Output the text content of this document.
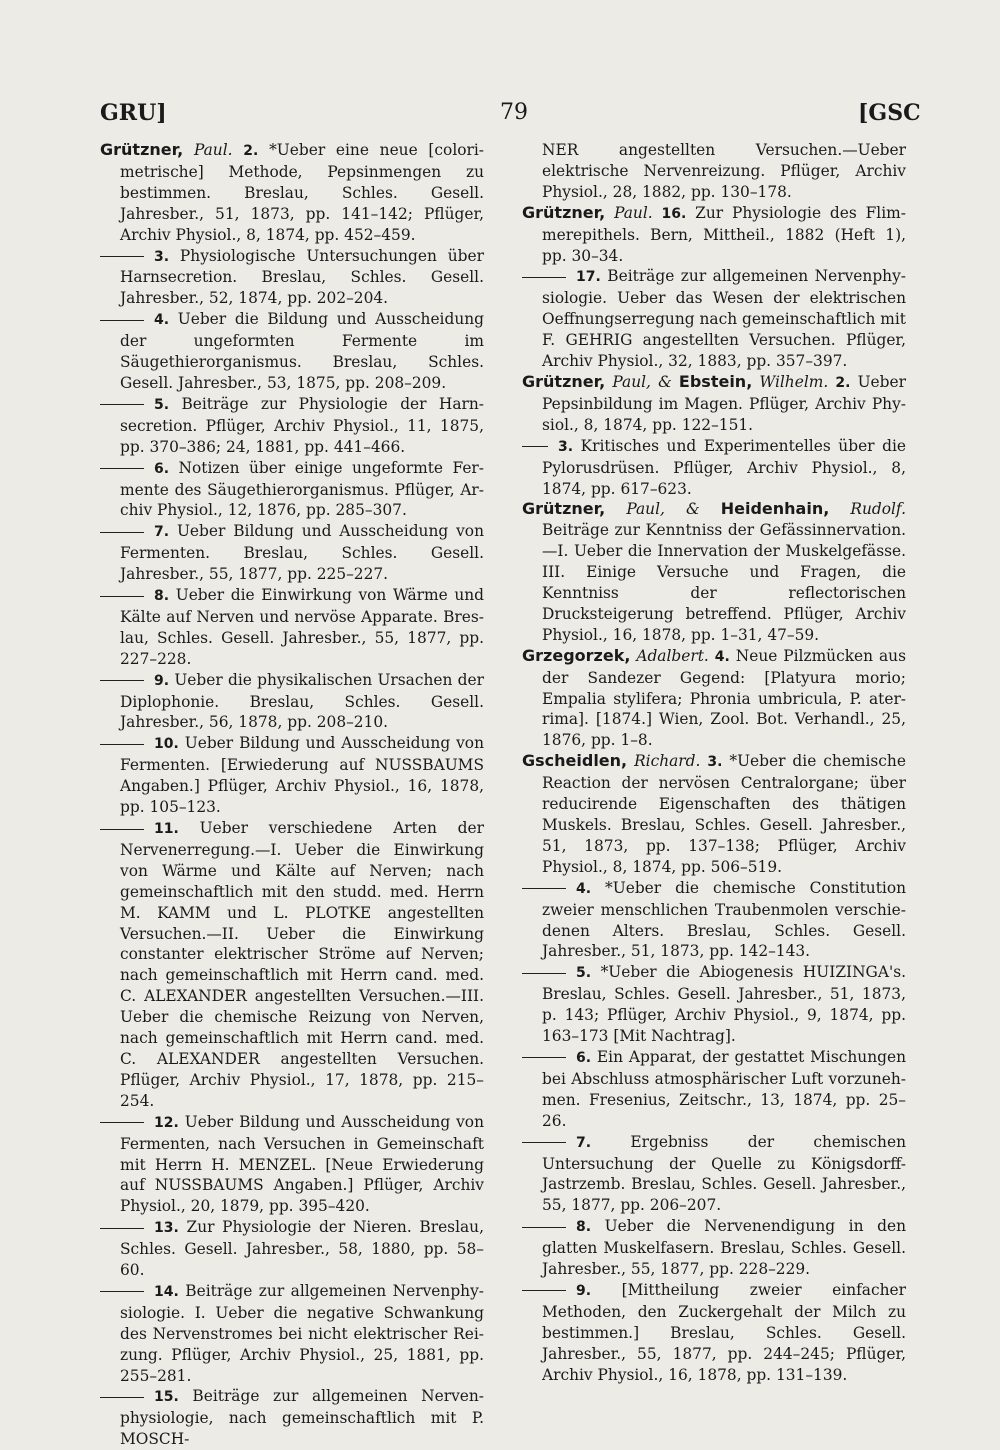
GRU]	79	[GSC
Grützner, Paul. 2. *Ueber eine neue [colorimetrische] Methode, Pepsinmengen zu bestimmen. Breslau, Schles. Gesell. Jahresber., 51, 1873, pp. 141–142; Pflüger, Archiv Physiol., 8, 1874, pp. 452–459.
3. Physiologische Untersuchungen über Harnsecretion. Breslau, Schles. Gesell. Jahresber., 52, 1874, pp. 202–204.
4. Ueber die Bildung und Ausscheidung der ungeformten Fermente im Säugethierorganismus. Breslau, Schles. Gesell. Jahresber., 53, 1875, pp. 208–209.
5. Beiträge zur Physiologie der Harnsecretion. Pflüger, Archiv Physiol., 11, 1875, pp. 370–386; 24, 1881, pp. 441–466.
6. Notizen über einige ungeformte Fermente des Säugethierorganismus. Pflüger, Archiv Physiol., 12, 1876, pp. 285–307.
7. Ueber Bildung und Ausscheidung von Fermenten. Breslau, Schles. Gesell. Jahresber., 55, 1877, pp. 225–227.
8. Ueber die Einwirkung von Wärme und Kälte auf Nerven und nervöse Apparate. Breslau, Schles. Gesell. Jahresber., 55, 1877, pp. 227–228.
9. Ueber die physikalischen Ursachen der Diplophonie. Breslau, Schles. Gesell. Jahresber., 56, 1878, pp. 208–210.
10. Ueber Bildung und Ausscheidung von Fermenten. [Erwiederung auf NUSSBAUMS Angaben.] Pflüger, Archiv Physiol., 16, 1878, pp. 105–123.
11. Ueber verschiedene Arten der Nervenerregung.—I. Ueber die Einwirkung von Wärme und Kälte auf Nerven; nach gemeinschaftlich mit den studd. med. Herrn M. KAMM und L. PLOTKE angestellten Versuchen.—II. Ueber die Einwirkung constanter elektrischer Ströme auf Nerven; nach gemeinschaftlich mit Herrn cand. med. C. ALEXANDER angestellten Versuchen.—III. Ueber die chemische Reizung von Nerven, nach gemeinschaftlich mit Herrn cand. med. C. ALEXANDER angestellten Versuchen. Pflüger, Archiv Physiol., 17, 1878, pp. 215–254.
12. Ueber Bildung und Ausscheidung von Fermenten, nach Versuchen in Gemeinschaft mit Herrn H. MENZEL. [Neue Erwiederung auf NUSSBAUMS Angaben.] Pflüger, Archiv Physiol., 20, 1879, pp. 395–420.
13. Zur Physiologie der Nieren. Breslau, Schles. Gesell. Jahresber., 58, 1880, pp. 58–60.
14. Beiträge zur allgemeinen Nervenphysiologie. I. Ueber die negative Schwankung des Nervenstromes bei nicht elektrischer Reizung. Pflüger, Archiv Physiol., 25, 1881, pp. 255–281.
15. Beiträge zur allgemeinen Nervenphysiologie, nach gemeinschaftlich mit P. MOSCH-
NER angestellten Versuchen.—Ueber elektrische Nervenreizung. Pflüger, Archiv Physiol., 28, 1882, pp. 130–178.
Grützner, Paul. 16. Zur Physiologie des Flimmerepithels. Bern, Mittheil., 1882 (Heft 1), pp. 30–34.
17. Beiträge zur allgemeinen Nervenphysiologie. Ueber das Wesen der elektrischen Oeffnungserregung nach gemeinschaftlich mit F. GEHRIG angestellten Versuchen. Pflüger, Archiv Physiol., 32, 1883, pp. 357–397.
Grützner, Paul, & Ebstein, Wilhelm. 2. Ueber Pepsinbildung im Magen. Pflüger, Archiv Physiol., 8, 1874, pp. 122–151.
3. Kritisches und Experimentelles über die Pylorusdrüsen. Pflüger, Archiv Physiol., 8, 1874, pp. 617–623.
Grützner, Paul, & Heidenhain, Rudolf. Beiträge zur Kenntniss der Gefässinnervation. —I. Ueber die Innervation der Muskelgefässe. III. Einige Versuche und Fragen, die Kenntniss der reflectorischen Drucksteigerung betreffend. Pflüger, Archiv Physiol., 16, 1878, pp. 1–31, 47–59.
Grzegorzek, Adalbert. 4. Neue Pilzmücken aus der Sandezer Gegend: [Platyura morio; Empalia stylifera; Phronia umbricula, P. aterrima]. [1874.] Wien, Zool. Bot. Verhandl., 25, 1876, pp. 1–8.
Gscheidlen, Richard. 3. *Ueber die chemische Reaction der nervösen Centralorgane; über reducirende Eigenschaften des thätigen Muskels. Breslau, Schles. Gesell. Jahresber., 51, 1873, pp. 137–138; Pflüger, Archiv Physiol., 8, 1874, pp. 506–519.
4. *Ueber die chemische Constitution zweier menschlichen Traubenmolen verschiedenen Alters. Breslau, Schles. Gesell. Jahresber., 51, 1873, pp. 142–143.
5. *Ueber die Abiogenesis HUIZINGA's. Breslau, Schles. Gesell. Jahresber., 51, 1873, p. 143; Pflüger, Archiv Physiol., 9, 1874, pp. 163–173 [Mit Nachtrag].
6. Ein Apparat, der gestattet Mischungen bei Abschluss atmosphärischer Luft vorzunehmen. Fresenius, Zeitschr., 13, 1874, pp. 25–26.
7.	Ergebniss der chemischen Untersuchung der Quelle zu Königsdorff-Jastrzemb. Breslau, Schles. Gesell. Jahresber., 55, 1877, pp. 206–207.
8. Ueber die Nervenendigung in den glatten Muskelfasern. Breslau, Schles. Gesell. Jahresber., 55, 1877, pp. 228–229.
9. [Mittheilung zweier einfacher Methoden, den Zuckergehalt der Milch zu bestimmen.] Breslau, Schles. Gesell. Jahresber., 55, 1877, pp. 244–245; Pflüger, Archiv Physiol., 16, 1878, pp. 131–139.
